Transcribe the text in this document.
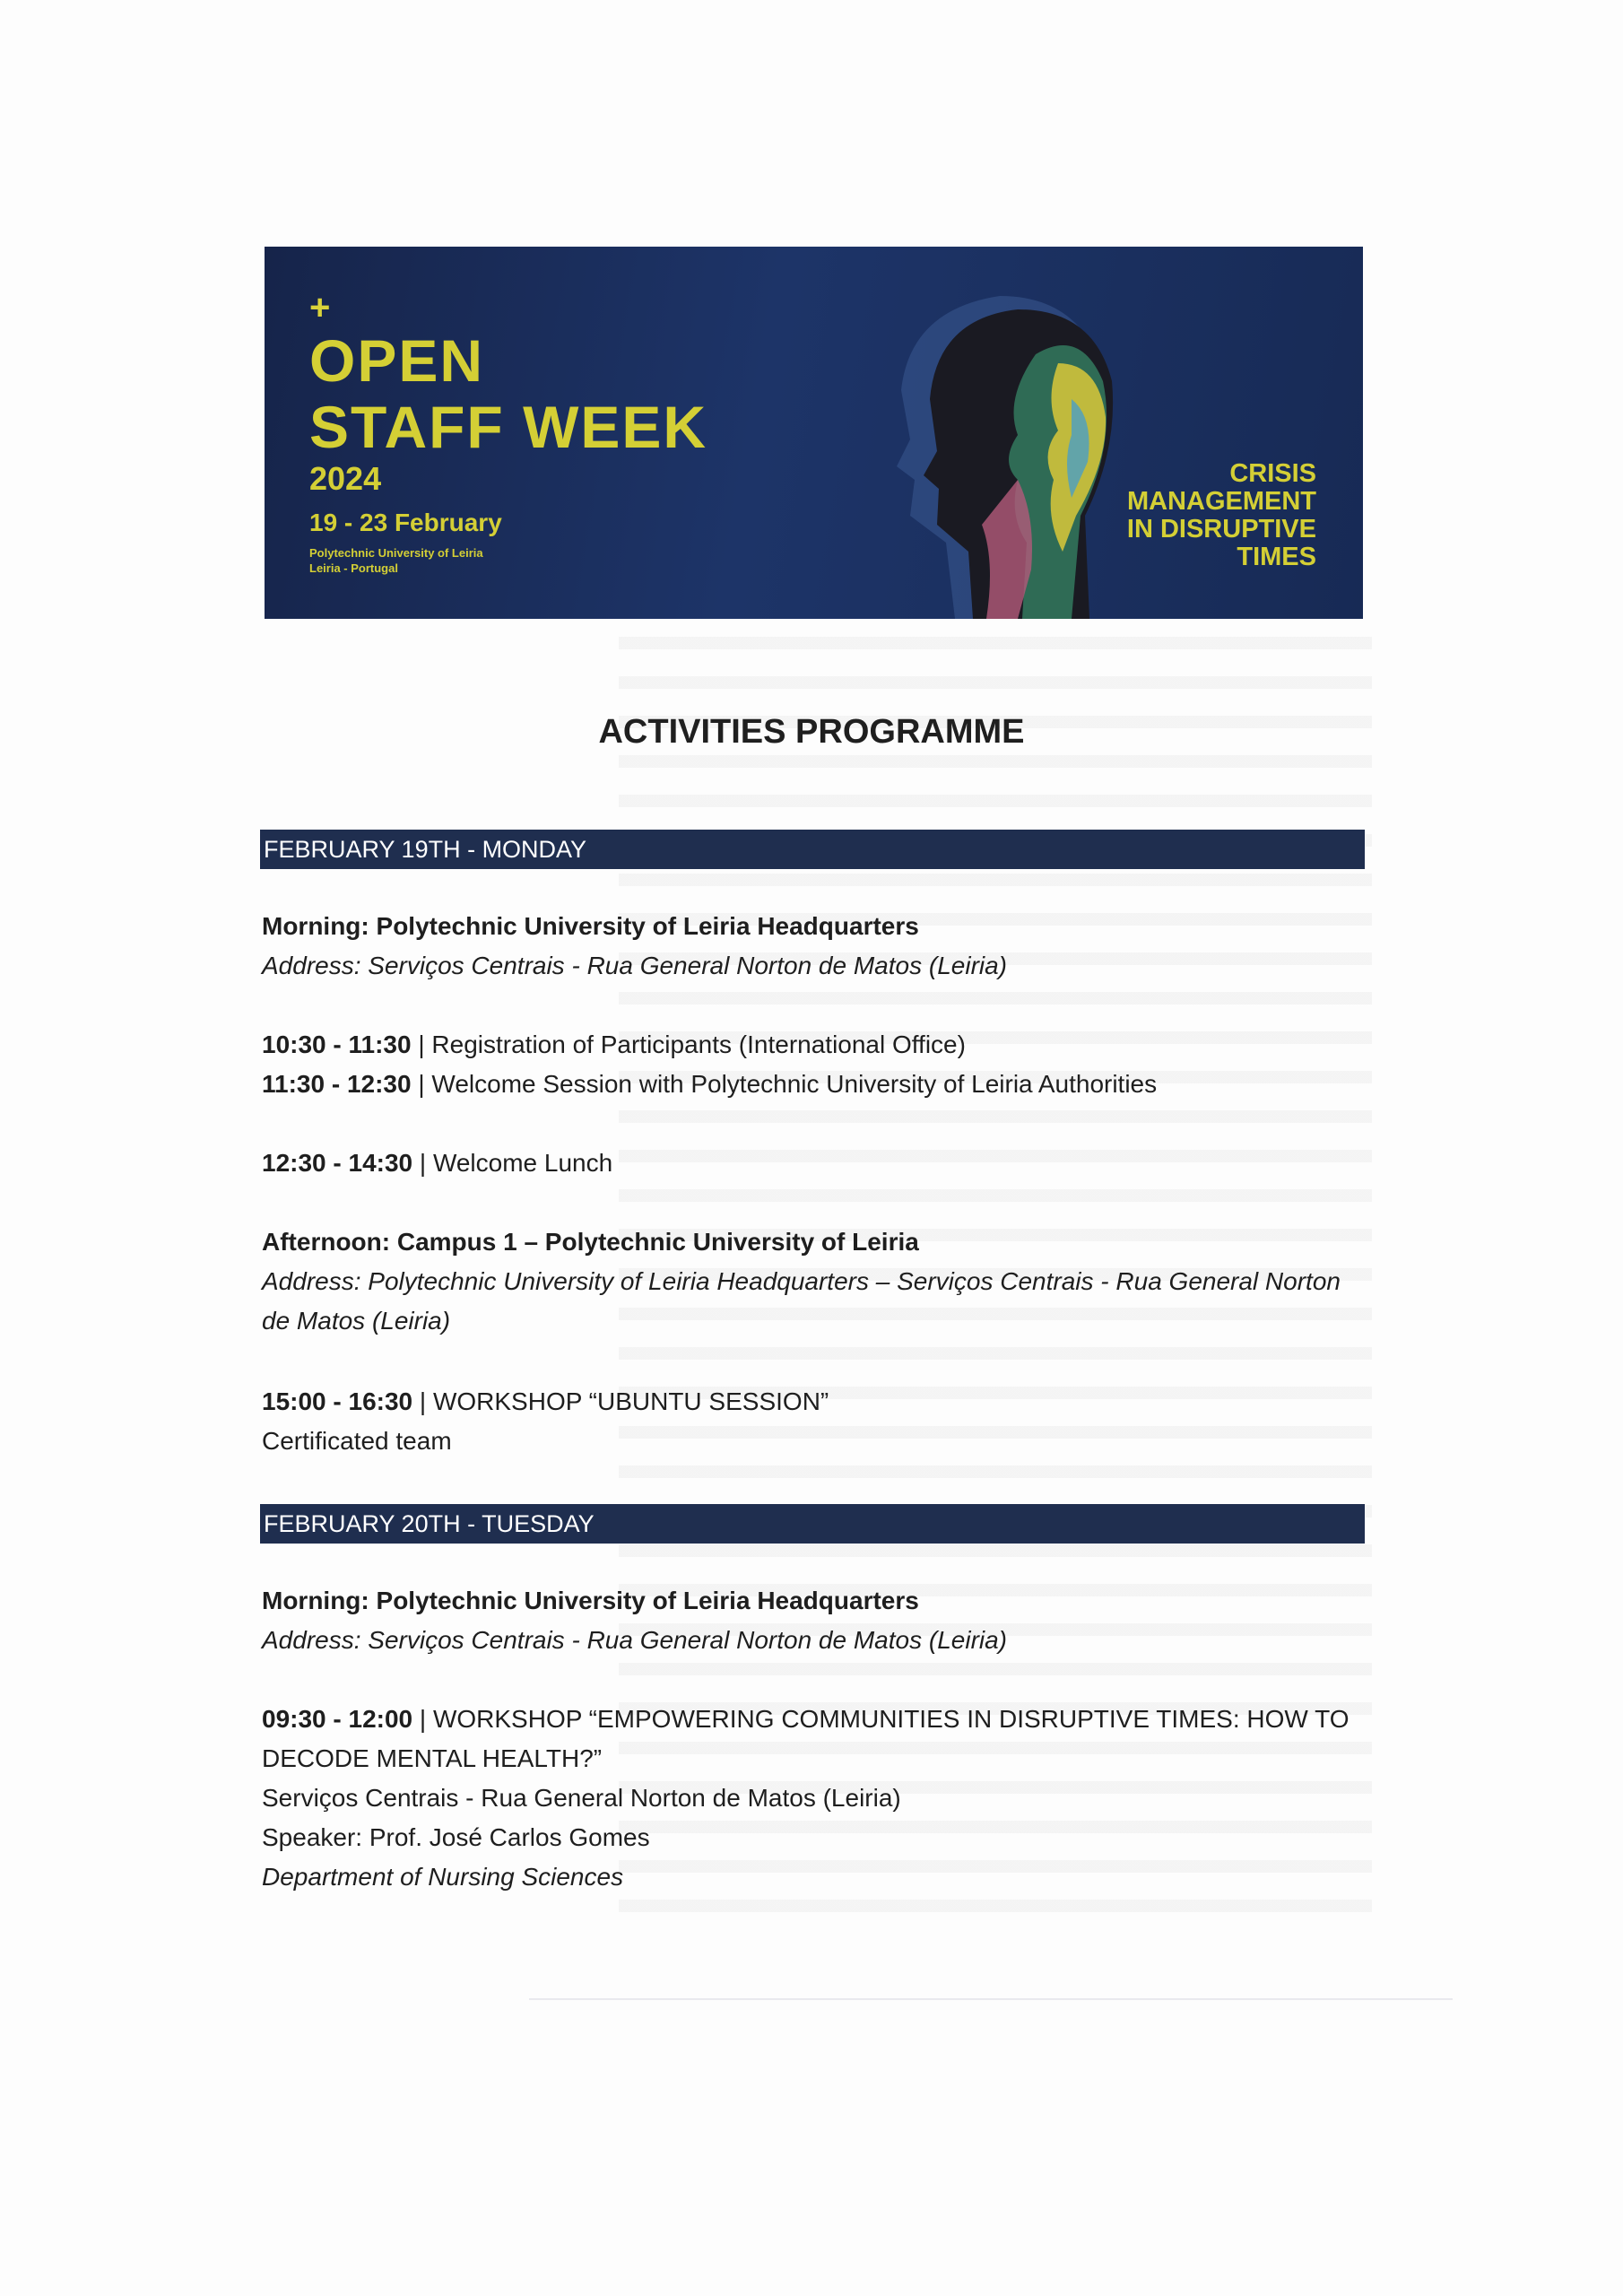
+
OPEN
STAFF WEEK
2024
19 - 23 February
Polytechnic University of Leiria
Leiria - Portugal
CRISIS
MANAGEMENT
IN DISRUPTIVE
TIMES
ACTIVITIES PROGRAMME
FEBRUARY 19TH - MONDAY
Morning: Polytechnic University of Leiria Headquarters
Address: Serviços Centrais - Rua General Norton de Matos (Leiria)
10:30 - 11:30 | Registration of Participants (International Office)
11:30 - 12:30 | Welcome Session with Polytechnic University of Leiria Authorities
12:30 - 14:30 | Welcome Lunch
Afternoon: Campus 1 – Polytechnic University of Leiria
Address: Polytechnic University of Leiria Headquarters – Serviços Centrais - Rua General Norton de Matos (Leiria)
15:00 - 16:30 | WORKSHOP “UBUNTU SESSION”
Certificated team
FEBRUARY 20TH - TUESDAY
Morning: Polytechnic University of Leiria Headquarters
Address: Serviços Centrais - Rua General Norton de Matos (Leiria)
09:30 - 12:00 | WORKSHOP “EMPOWERING COMMUNITIES IN DISRUPTIVE TIMES: HOW TO DECODE MENTAL HEALTH?”
Serviços Centrais - Rua General Norton de Matos (Leiria)
Speaker: Prof. José Carlos Gomes
Department of Nursing Sciences
